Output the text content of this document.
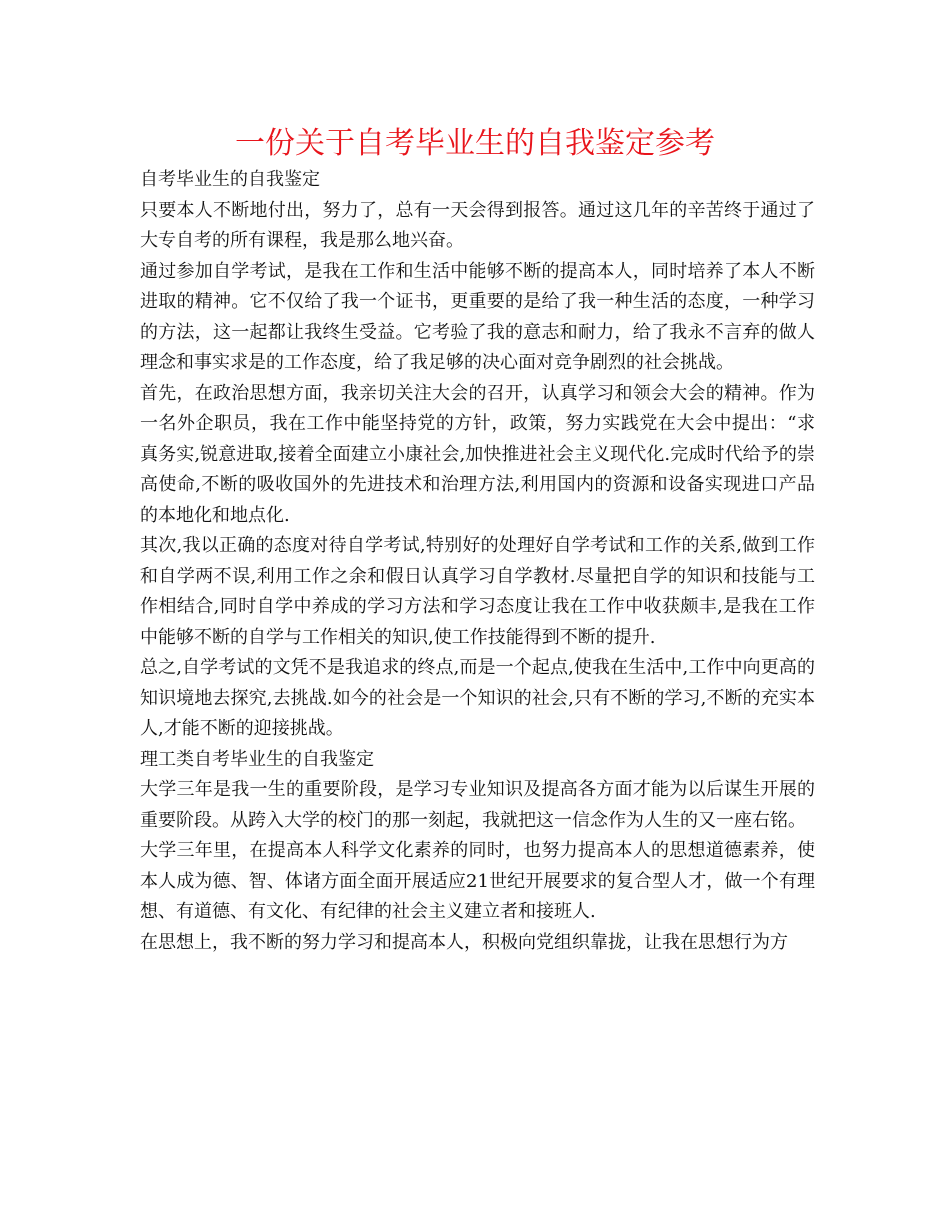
一份关于自考毕业生的自我鉴定参考

自考毕业生的自我鉴定

只要本人不断地付出，努力了，总有一天会得到报答。通过这几年的辛苦终于通过了大专自考的所有课程，我是那么地兴奋。

通过参加自学考试，是我在工作和生活中能够不断的提高本人，同时培养了本人不断进取的精神。它不仅给了我一个证书，更重要的是给了我一种生活的态度，一种学习的方法，这一起都让我终生受益。它考验了我的意志和耐力，给了我永不言弃的做人理念和事实求是的工作态度，给了我足够的决心面对竞争剧烈的社会挑战。

首先，在政治思想方面，我亲切关注大会的召开，认真学习和领会大会的精神。作为一名外企职员，我在工作中能坚持党的方针，政策，努力实践党在大会中提出：“求真务实,锐意进取,接着全面建立小康社会,加快推进社会主义现代化.完成时代给予的崇高使命,不断的吸收国外的先进技术和治理方法,利用国内的资源和设备实现进口产品的本地化和地点化.

其次,我以正确的态度对待自学考试,特别好的处理好自学考试和工作的关系,做到工作和自学两不误,利用工作之余和假日认真学习自学教材.尽量把自学的知识和技能与工作相结合,同时自学中养成的学习方法和学习态度让我在工作中收获颇丰,是我在工作中能够不断的自学与工作相关的知识,使工作技能得到不断的提升.

总之,自学考试的文凭不是我追求的终点,而是一个起点,使我在生活中,工作中向更高的知识境地去探究,去挑战.如今的社会是一个知识的社会,只有不断的学习,不断的充实本人,才能不断的迎接挑战。

理工类自考毕业生的自我鉴定

大学三年是我一生的重要阶段，是学习专业知识及提高各方面才能为以后谋生开展的重要阶段。从跨入大学的校门的那一刻起，我就把这一信念作为人生的又一座右铭。

大学三年里，在提高本人科学文化素养的同时，也努力提高本人的思想道德素养，使本人成为德、智、体诸方面全面开展适应21世纪开展要求的复合型人才，做一个有理想、有道德、有文化、有纪律的社会主义建立者和接班人.

在思想上，我不断的努力学习和提高本人，积极向党组织靠拢，让我在思想行为方
